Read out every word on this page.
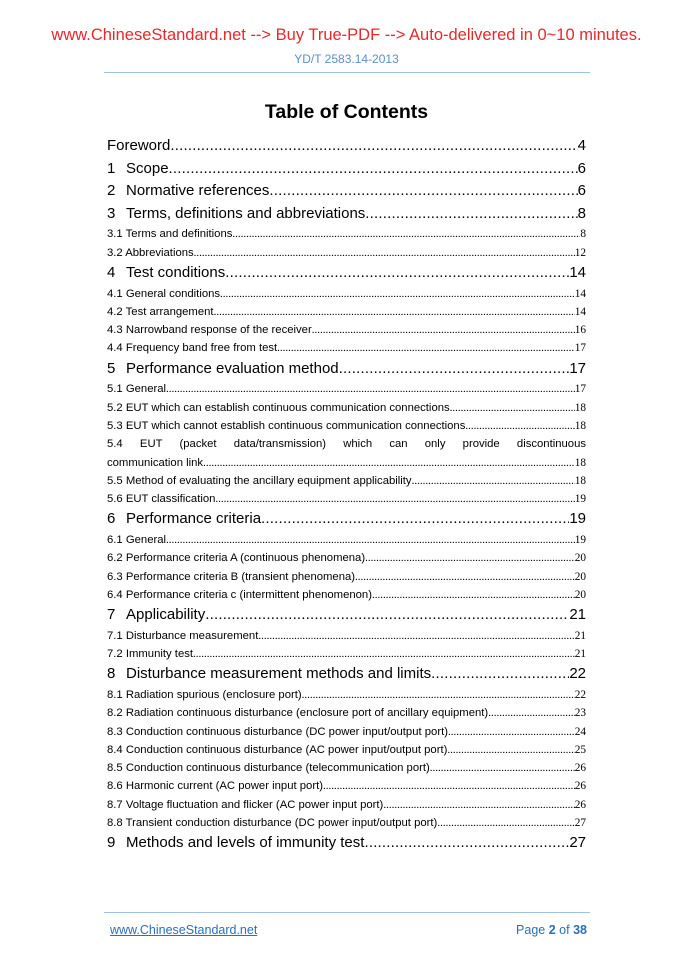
www.ChineseStandard.net --> Buy True-PDF --> Auto-delivered in 0~10 minutes.
YD/T 2583.14-2013
Table of Contents
Foreword .....	4
1 Scope .....	6
2 Normative references .....	6
3 Terms, definitions and abbreviations .....	8
3.1 Terms and definitions .....	8
3.2 Abbreviations .....	12
4 Test conditions .....	14
4.1 General conditions .....	14
4.2 Test arrangement .....	14
4.3 Narrowband response of the receiver .....	16
4.4 Frequency band free from test .....	17
5 Performance evaluation method .....	17
5.1 General .....	17
5.2 EUT which can establish continuous communication connections .....	18
5.3 EUT which cannot establish continuous communication connections .....	18
5.4 EUT (packet data/transmission) which can only provide discontinuous
communication link .....	18
5.5 Method of evaluating the ancillary equipment applicability .....	18
5.6 EUT classification .....	19
6 Performance criteria .....	19
6.1 General .....	19
6.2 Performance criteria A (continuous phenomena) .....	20
6.3 Performance criteria B (transient phenomena) .....	20
6.4 Performance criteria c (intermittent phenomenon) .....	20
7 Applicability .....	21
7.1 Disturbance measurement .....	21
7.2 Immunity test .....	21
8 Disturbance measurement methods and limits .....	22
8.1 Radiation spurious (enclosure port) .....	22
8.2 Radiation continuous disturbance (enclosure port of ancillary equipment) .....	23
8.3 Conduction continuous disturbance (DC power input/output port) .....	24
8.4 Conduction continuous disturbance (AC power input/output port) .....	25
8.5 Conduction continuous disturbance (telecommunication port) .....	26
8.6 Harmonic current (AC power input port) .....	26
8.7 Voltage fluctuation and flicker (AC power input port) .....	26
8.8 Transient conduction disturbance (DC power input/output port) .....	27
9 Methods and levels of immunity test .....	27
www.ChineseStandard.net	Page 2 of 38
